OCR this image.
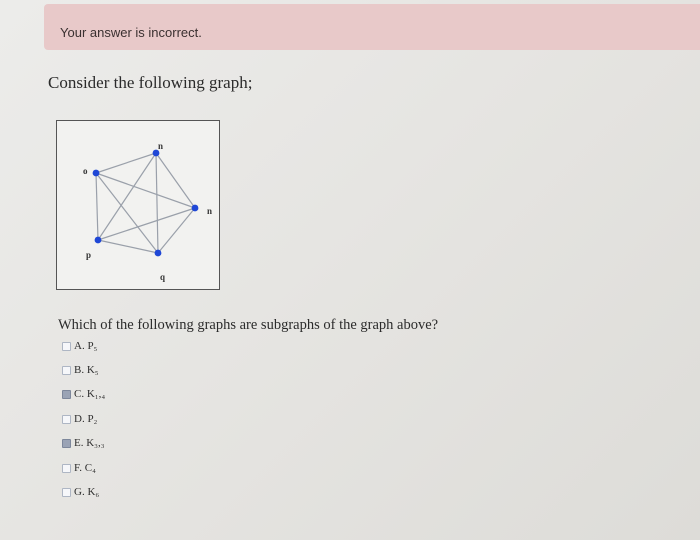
Your answer is incorrect.
Consider the following graph;
n
o
n
p
q
Which of the following graphs are subgraphs of the graph above?
A. P₅
B. K₅
C. K₁,₄
D. P₂
E. K₃,₃
F. C₄
G. K₆
